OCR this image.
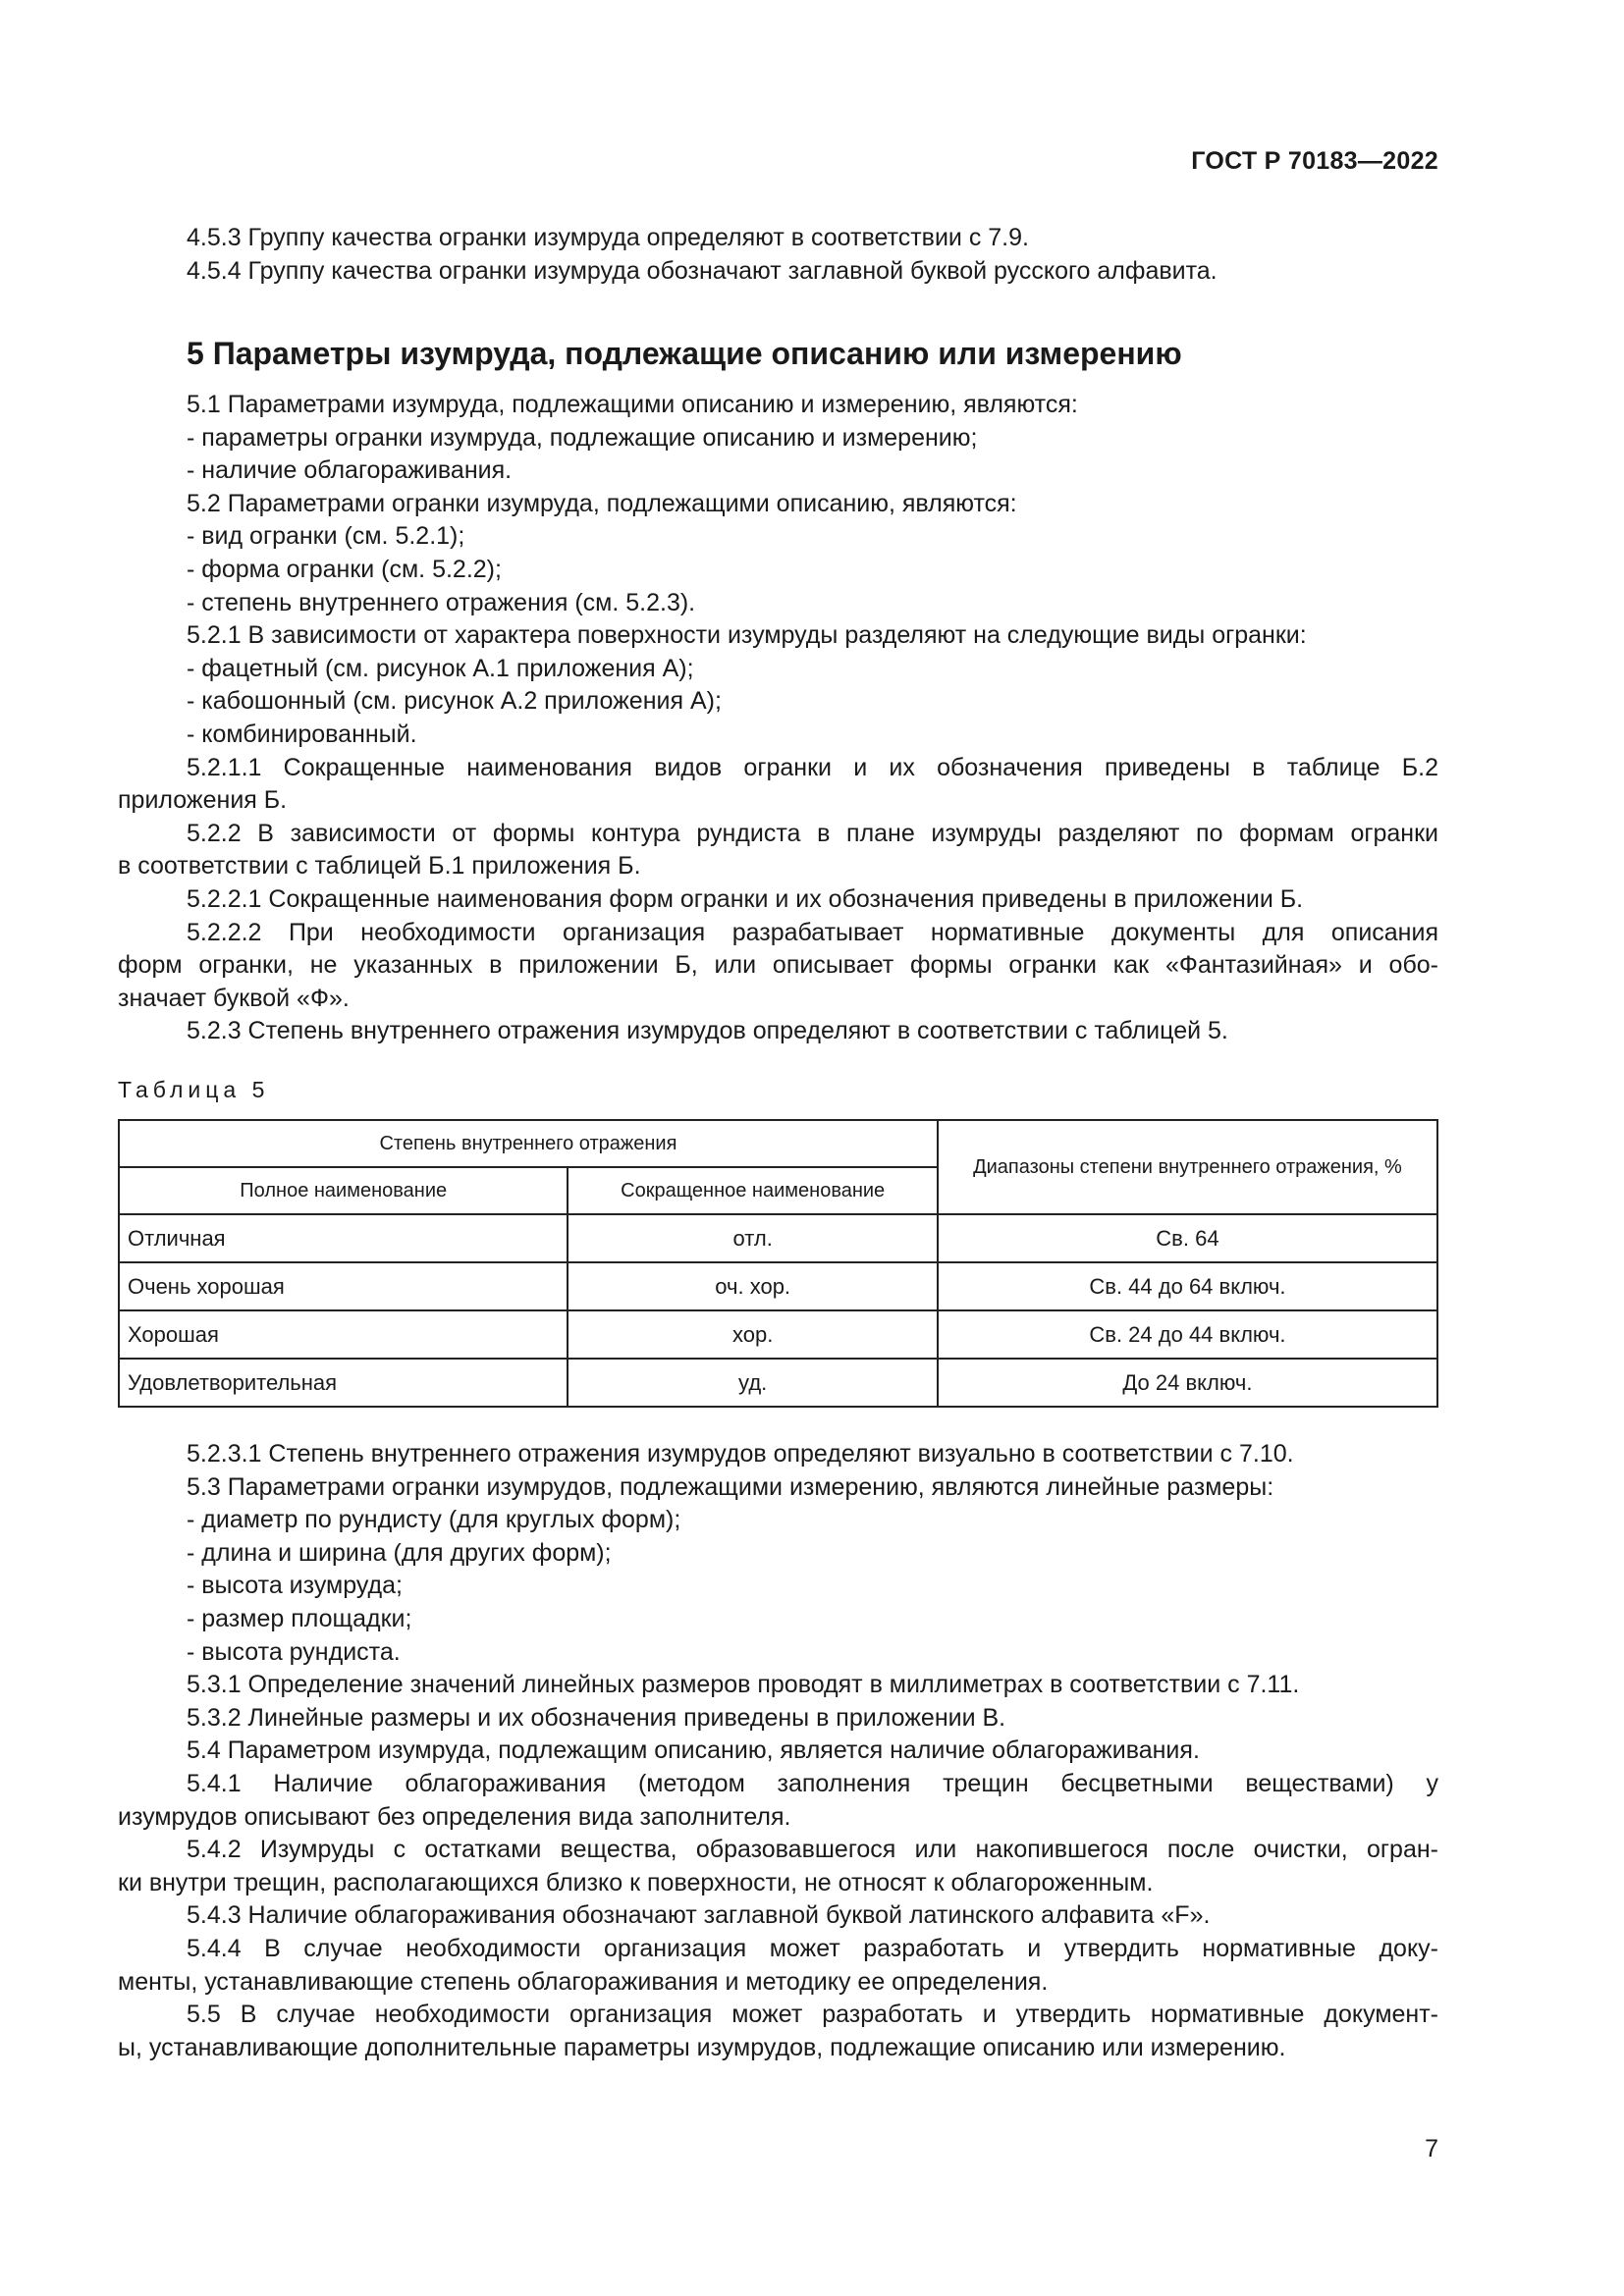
ГОСТ Р 70183—2022
4.5.3 Группу качества огранки изумруда определяют в соответствии с 7.9.
4.5.4 Группу качества огранки изумруда обозначают заглавной буквой русского алфавита.
5 Параметры изумруда, подлежащие описанию или измерению
5.1 Параметрами изумруда, подлежащими описанию и измерению, являются:
- параметры огранки изумруда, подлежащие описанию и измерению;
- наличие облагораживания.
5.2 Параметрами огранки изумруда, подлежащими описанию, являются:
- вид огранки (см. 5.2.1);
- форма огранки (см. 5.2.2);
- степень внутреннего отражения (см. 5.2.3).
5.2.1 В зависимости от характера поверхности изумруды разделяют на следующие виды огранки:
- фацетный (см. рисунок А.1 приложения А);
- кабошонный (см. рисунок А.2 приложения А);
- комбинированный.
5.2.1.1 Сокращенные наименования видов огранки и их обозначения приведены в таблице Б.2
приложения Б.
5.2.2 В зависимости от формы контура рундиста в плане изумруды разделяют по формам огранки
в соответствии с таблицей Б.1 приложения Б.
5.2.2.1 Сокращенные наименования форм огранки и их обозначения приведены в приложении Б.
5.2.2.2 При необходимости организация разрабатывает нормативные документы для описания
форм огранки, не указанных в приложении Б, или описывает формы огранки как «Фантазийная» и обо-
значает буквой «Ф».
5.2.3 Степень внутреннего отражения изумрудов определяют в соответствии с таблицей 5.
Таблица 5
Степень внутреннего отражения		Диапазоны степени внутреннего отражения, %
Полное наименование	Сокращенное наименование	
Отличная	отл.	Св. 64
Очень хорошая	оч. хор.	Св. 44 до 64 включ.
Хорошая	хор.	Св. 24 до 44 включ.
Удовлетворительная	уд.	До 24 включ.
5.2.3.1 Степень внутреннего отражения изумрудов определяют визуально в соответствии с 7.10.
5.3 Параметрами огранки изумрудов, подлежащими измерению, являются линейные размеры:
- диаметр по рундисту (для круглых форм);
- длина и ширина (для других форм);
- высота изумруда;
- размер площадки;
- высота рундиста.
5.3.1 Определение значений линейных размеров проводят в миллиметрах в соответствии с 7.11.
5.3.2 Линейные размеры и их обозначения приведены в приложении В.
5.4 Параметром изумруда, подлежащим описанию, является наличие облагораживания.
5.4.1 Наличие облагораживания (методом заполнения трещин бесцветными веществами) у
изумрудов описывают без определения вида заполнителя.
5.4.2 Изумруды с остатками вещества, образовавшегося или накопившегося после очистки, огран-
ки внутри трещин, располагающихся близко к поверхности, не относят к облагороженным.
5.4.3 Наличие облагораживания обозначают заглавной буквой латинского алфавита «F».
5.4.4 В случае необходимости организация может разработать и утвердить нормативные доку-
менты, устанавливающие степень облагораживания и методику ее определения.
5.5 В случае необходимости организация может разработать и утвердить нормативные документ-
ы, устанавливающие дополнительные параметры изумрудов, подлежащие описанию или измерению.
7
